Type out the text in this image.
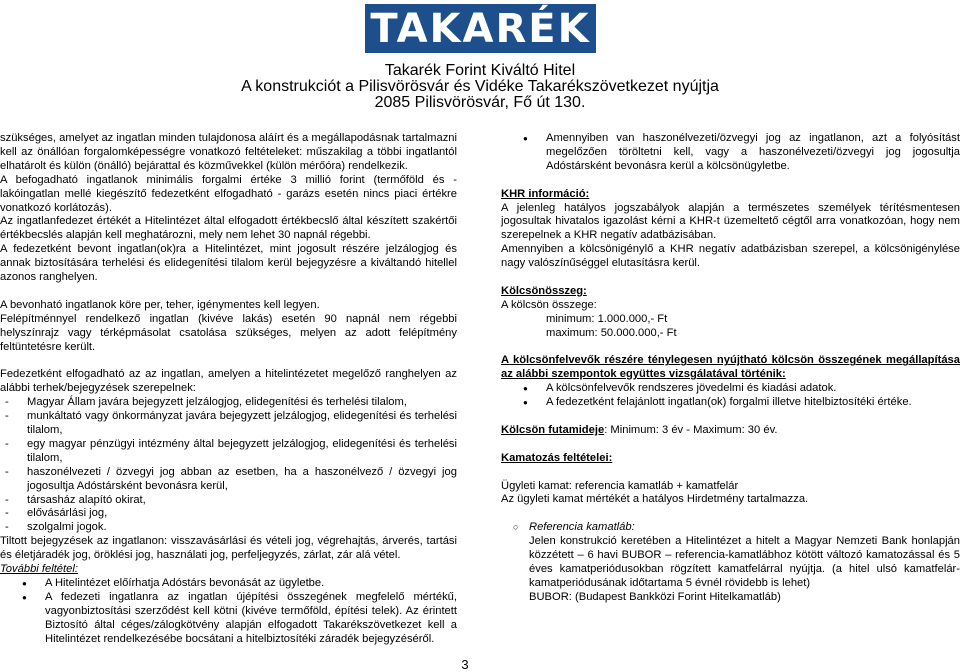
TAKARÉK
Takarék Forint Kiváltó Hitel
A konstrukciót a Pilisvörösvár és Vidéke Takarékszövetkezet nyújtja
2085 Pilisvörösvár, Fő út 130.

szükséges, amelyet az ingatlan minden tulajdonosa aláírt és a megállapodásnak tartalmazni kell az önállóan forgalomképességre vonatkozó feltételeket: műszakilag a többi ingatlantól elhatárolt és külön (önálló) bejárattal és közművekkel (külön mérőóra) rendelkezik.

A befogadható ingatlanok minimális forgalmi értéke 3 millió forint (termőföld és - lakóingatlan mellé kiegészítő fedezetként elfogadható - garázs esetén nincs piaci értékre vonatkozó korlátozás).

Az ingatlanfedezet értékét a Hitelintézet által elfogadott értékbecslő által készített szakértői értékbecslés alapján kell meghatározni, mely nem lehet 30 napnál régebbi.

A fedezetként bevont ingatlan(ok)ra a Hitelintézet, mint jogosult részére jelzálogjog és annak biztosítására terhelési és elidegenítési tilalom kerül bejegyzésre a kiváltandó hitellel azonos ranghelyen.

A bevonható ingatlanok köre per, teher, igénymentes kell legyen.

Felépítménnyel rendelkező ingatlan (kivéve lakás) esetén 90 napnál nem régebbi helyszínrajz vagy térképmásolat csatolása szükséges, melyen az adott felépítmény feltüntetésre került.

Fedezetként elfogadható az az ingatlan, amelyen a hitelintézetet megelőző ranghelyen az alábbi terhek/bejegyzések szerepelnek:

- Magyar Állam javára bejegyzett jelzálogjog, elidegenítési és terhelési tilalom,
- munkáltató vagy önkormányzat javára bejegyzett jelzálogjog, elidegenítési és terhelési tilalom,
- egy magyar pénzügyi intézmény által bejegyzett jelzálogjog, elidegenítési és terhelési tilalom,
- haszonélvezeti / özvegyi jog abban az esetben, ha a haszonélvező / özvegyi jog jogosultja Adóstársként bevonásra kerül,
- társasház alapító okirat,
- elővásárlási jog,
- szolgalmi jogok.

Tiltott bejegyzések az ingatlanon: visszavásárlási és vételi jog, végrehajtás, árverés, tartási és életjáradék jog, öröklési jog, használati jog, perfeljegyzés, zárlat, zár alá vétel.

További feltétel:

● A Hitelintézet előírhatja Adóstárs bevonását az ügyletbe.
● A fedezeti ingatlanra az ingatlan újépítési összegének megfelelő mértékű, vagyonbiztosítási szerződést kell kötni (kivéve termőföld, építési telek). Az érintett Biztosító által céges/zálogkötvény alapján elfogadott Takarékszövetkezet kell a Hitelintézet rendelkezésébe bocsátani a hitelbiztosítéki záradék bejegyzéséről.
● Amennyiben van haszonélvezeti/özvegyi jog az ingatlanon, azt a folyósítást megelőzően töröltetni kell, vagy a haszonélvezeti/özvegyi jog jogosultja Adóstársként bevonásra kerül a kölcsönügyletbe.

KHR információ:

A jelenleg hatályos jogszabályok alapján a természetes személyek térítésmentesen jogosultak hivatalos igazolást kérni a KHR-t üzemeltető cégtől arra vonatkozóan, hogy nem szerepelnek a KHR negatív adatbázisában.

Amennyiben a kölcsönigénylő a KHR negatív adatbázisban szerepel, a kölcsönigénylése nagy valószínűséggel elutasításra kerül.

Kölcsönösszeg:

A kölcsön összege:

minimum: 1.000.000,- Ft

maximum: 50.000.000,- Ft

A kölcsönfelvevők részére ténylegesen nyújtható kölcsön összegének megállapítása az alábbi szempontok együttes vizsgálatával történik:

● A kölcsönfelvevők rendszeres jövedelmi és kiadási adatok.
● A fedezetként felajánlott ingatlan(ok) forgalmi illetve hitelbiztosítéki értéke.

Kölcsön futamideje: Minimum: 3 év - Maximum: 30 év.

Kamatozás feltételei:

Ügyleti kamat: referencia kamatláb + kamatfelár

Az ügyleti kamat mértékét a hatályos Hirdetmény tartalmazza.

○ Referencia kamatláb:

Jelen konstrukció keretében a Hitelintézet a hitelt a Magyar Nemzeti Bank honlapján közzétett – 6 havi BUBOR – referencia-kamatlábhoz kötött változó kamatozással és 5 éves kamatperiódusokban rögzített kamatfelárral nyújtja. (a hitel ulsó kamatfelár-kamatperiódusának időtartama 5 évnél rövidebb is lehet)

BUBOR: (Budapest Bankközi Forint Hitelkamatláb)

3
